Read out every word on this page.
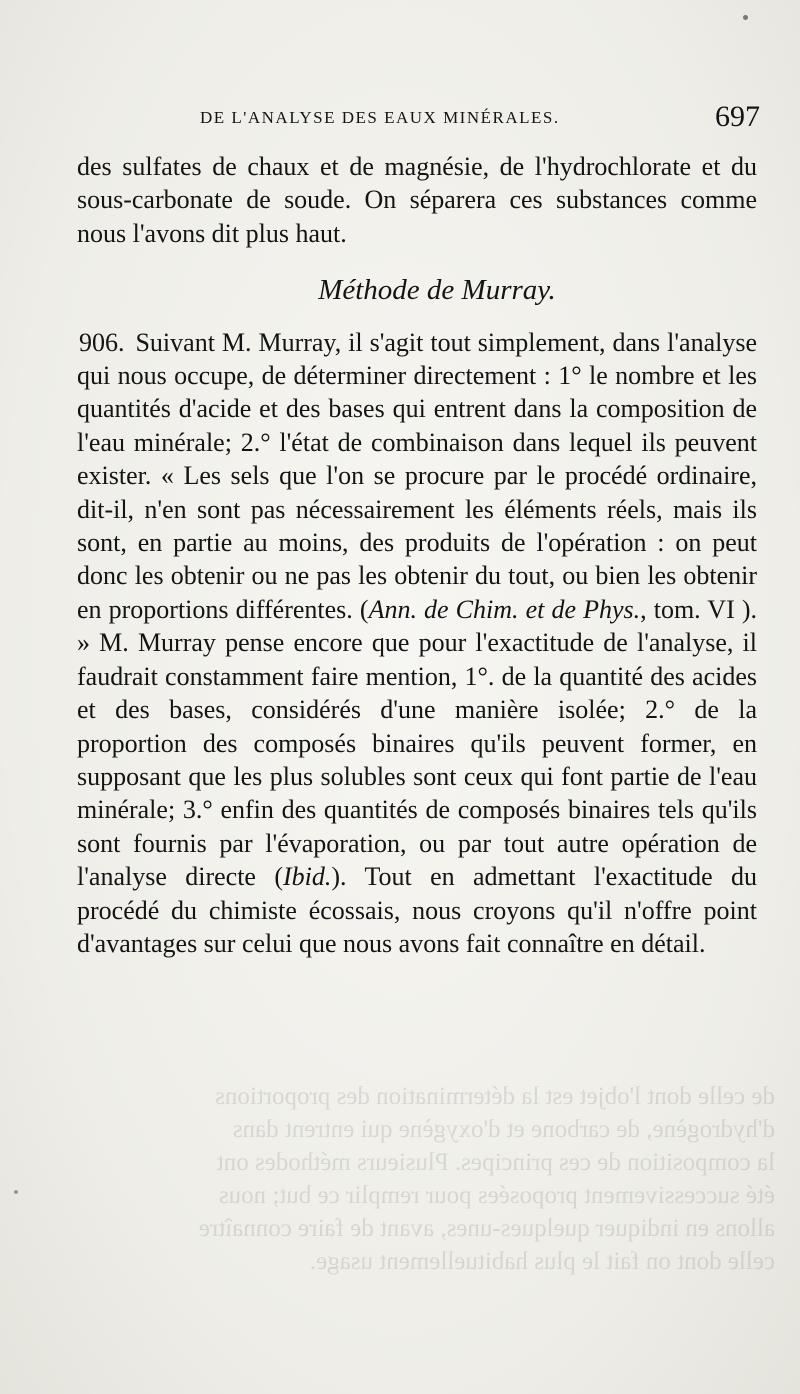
de celle dont l'objet est la détermination des proportions
d'hydrogène, de carbone et d'oxygène qui entrent dans
la composition de ces principes. Plusieurs méthodes ont
été successivement proposées pour remplir ce but; nous
allons en indiquer quelques-unes, avant de faire connaître
celle dont on fait le plus habituellement usage.
DE L'ANALYSE DES EAUX MINÉRALES.	697

des sulfates de chaux et de magnésie, de l'hydrochlorate et du sous-carbonate de soude. On séparera ces substances comme nous l'avons dit plus haut.

Méthode de Murray.

906. Suivant M. Murray, il s'agit tout simplement, dans l'analyse qui nous occupe, de déterminer directement : 1° le nombre et les quantités d'acide et des bases qui entrent dans la composition de l'eau minérale; 2.° l'état de combinaison dans lequel ils peuvent exister. « Les sels que l'on se procure par le procédé ordinaire, dit-il, n'en sont pas nécessairement les éléments réels, mais ils sont, en partie au moins, des produits de l'opération : on peut donc les obtenir ou ne pas les obtenir du tout, ou bien les obtenir en proportions différentes. (Ann. de Chim. et de Phys., tom. VI ). » M. Murray pense encore que pour l'exactitude de l'analyse, il faudrait constamment faire mention, 1°. de la quantité des acides et des bases, considérés d'une manière isolée; 2.° de la proportion des composés binaires qu'ils peuvent former, en supposant que les plus solubles sont ceux qui font partie de l'eau minérale; 3.° enfin des quantités de composés binaires tels qu'ils sont fournis par l'évaporation, ou par tout autre opération de l'analyse directe (Ibid.). Tout en admettant l'exactitude du procédé du chimiste écossais, nous croyons qu'il n'offre point d'avantages sur celui que nous avons fait connaître en détail.
